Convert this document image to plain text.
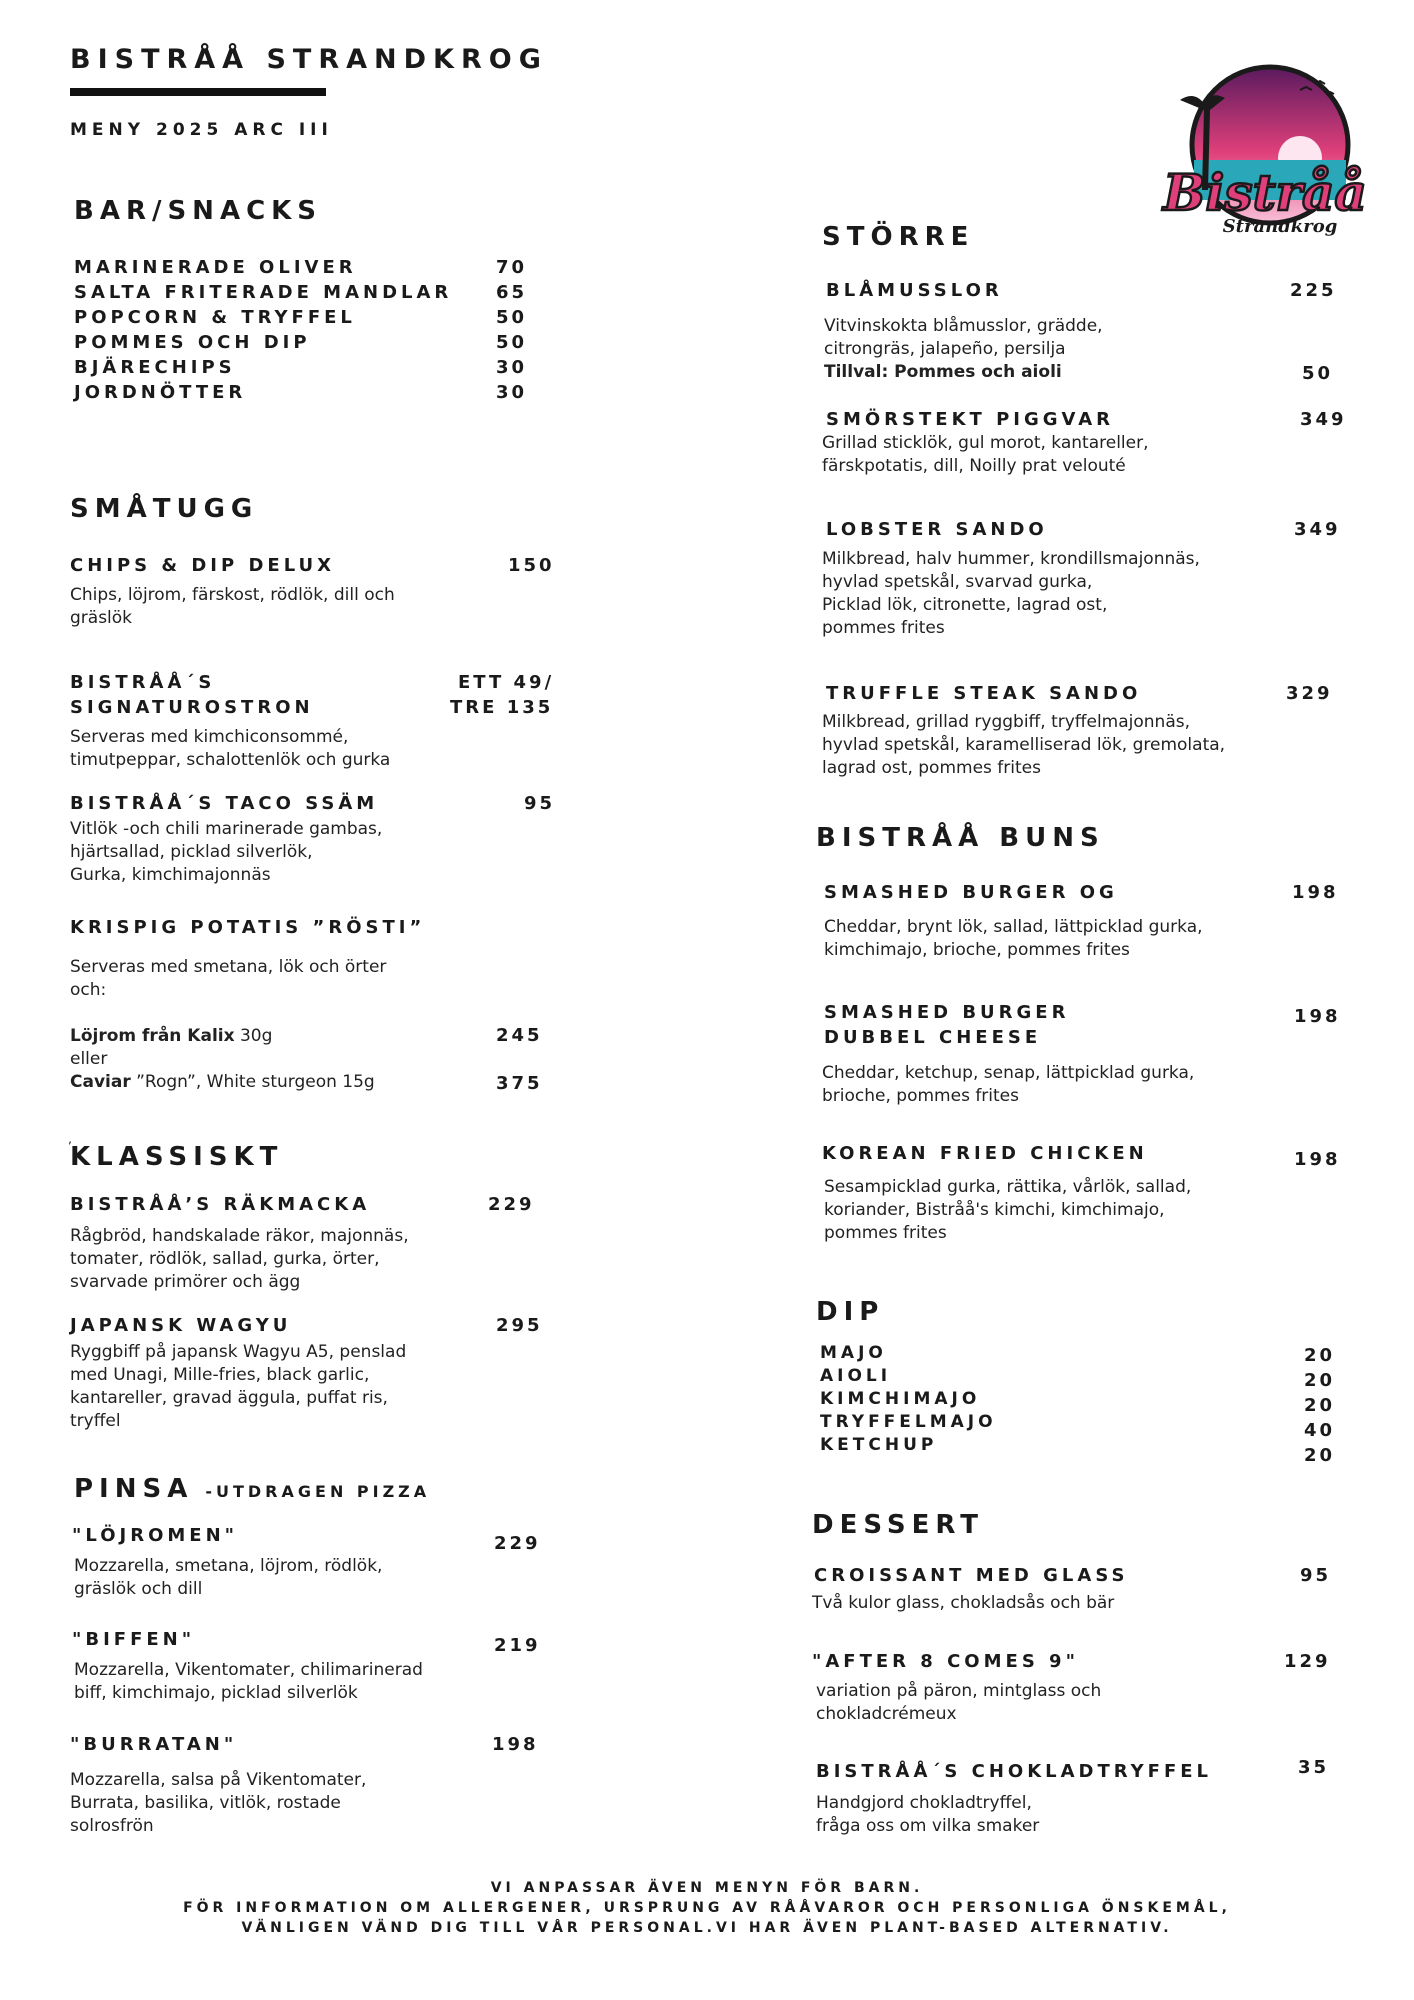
BISTRÅÅ STRANDKROG
MENY 2025 ARC III
Bistråå
Strandkrog
BAR/SNACKS
MARINERADE OLIVER	70
SALTA FRITERADE MANDLAR 65
POPCORN & TRYFFEL	50
POMMES OCH DIP	50
BJÄRECHIPS	30
JORDNÖTTER	30
SMÅTUGG
CHIPS & DIP DELUX	150
Chips, löjrom, färskost, rödlök, dill och
gräslök
BISTRÅÅ´S
SIGNATUROSTRON
ETT 49/
TRE 135
Serveras med kimchiconsommé,
timutpeppar, schalottenlök och gurka
BISTRÅÅ´S TACO SSÄM	95
Vitlök -och chili marinerade gambas,
hjärtsallad, picklad silverlök,
Gurka, kimchimajonnäs
KRISPIG POTATIS ”RÖSTI”
Serveras med smetana, lök och örter
och:
Löjrom från Kalix 30g	245
eller
Caviar ”Rogn”, White sturgeon 15g	375
‚
KLASSISKT
BISTRÅÅ’S RÄKMACKA	229
Rågbröd, handskalade räkor, majonnäs,
tomater, rödlök, sallad, gurka, örter,
svarvade primörer och ägg
JAPANSK WAGYU	295
Ryggbiff på japansk Wagyu A5, penslad
med Unagi, Mille-fries, black garlic,
kantareller, gravad äggula, puffat ris,
tryffel
PINSA -UTDRAGEN PIZZA
"LÖJROMEN"	229
Mozzarella, smetana, löjrom, rödlök,
gräslök och dill
"BIFFEN"	219
Mozzarella, Vikentomater, chilimarinerad
biff, kimchimajo, picklad silverlök
"BURRATAN"	198
Mozzarella, salsa på Vikentomater,
Burrata, basilika, vitlök, rostade
solrosfrön
STÖRRE
BLÅMUSSLOR	225
Vitvinskokta blåmusslor, grädde,
citrongräs, jalapeño, persilja
Tillval: Pommes och aioli	50
SMÖRSTEKT PIGGVAR	349
Grillad sticklök, gul morot, kantareller,
färskpotatis, dill, Noilly prat velouté
LOBSTER SANDO	349
Milkbread, halv hummer, krondillsmajonnäs,
hyvlad spetskål, svarvad gurka,
Picklad lök, citronette, lagrad ost,
pommes frites
TRUFFLE STEAK SANDO	329
Milkbread, grillad ryggbiff, tryffelmajonnäs,
hyvlad spetskål, karamelliserad lök, gremolata,
lagrad ost, pommes frites
BISTRÅÅ BUNS
SMASHED BURGER OG	198
Cheddar, brynt lök, sallad, lättpicklad gurka,
kimchimajo, brioche, pommes frites
SMASHED BURGER
DUBBEL CHEESE
198
Cheddar, ketchup, senap, lättpicklad gurka,
brioche, pommes frites
KOREAN FRIED CHICKEN	198
Sesampicklad gurka, rättika, vårlök, sallad,
koriander, Bistråå's kimchi, kimchimajo,
pommes frites
DIP
MAJO	20
AIOLI	20
KIMCHIMAJO	20
TRYFFELMAJO	40
KETCHUP	20
DESSERT
CROISSANT MED GLASS	95
Två kulor glass, chokladsås och bär
"AFTER 8 COMES 9"	129
variation på päron, mintglass och
chokladcrémeux
BISTRÅÅ´S CHOKLADTRYFFEL	35
Handgjord chokladtryffel,
fråga oss om vilka smaker
VI ANPASSAR ÄVEN MENYN FÖR BARN.
FÖR INFORMATION OM ALLERGENER, URSPRUNG AV RÅÅVAROR OCH PERSONLIGA ÖNSKEMÅL,
VÄNLIGEN VÄND DIG TILL VÅR PERSONAL.VI HAR ÄVEN PLANT-BASED ALTERNATIV.
